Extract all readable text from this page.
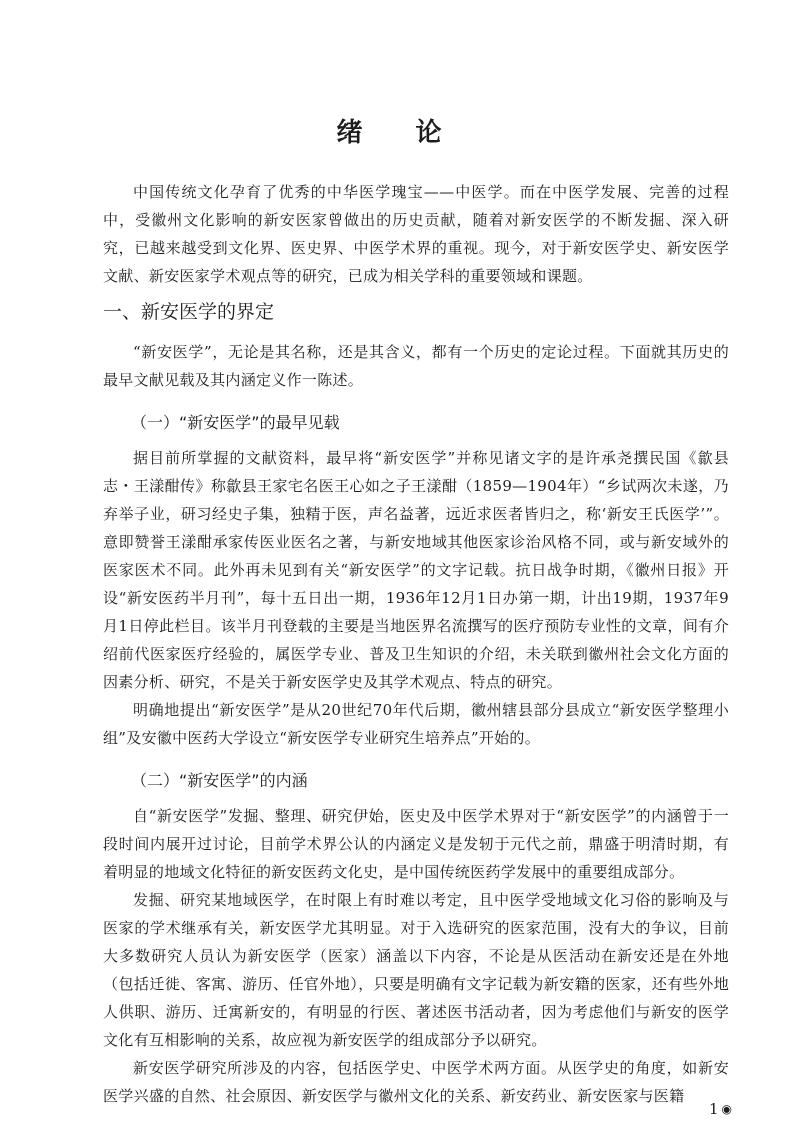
绪 论

中国传统文化孕育了优秀的中华医学瑰宝——中医学。而在中医学发展、完善的过程中，受徽州文化影响的新安医家曾做出的历史贡献，随着对新安医学的不断发掘、深入研究，已越来越受到文化界、医史界、中医学术界的重视。现今，对于新安医学史、新安医学文献、新安医家学术观点等的研究，已成为相关学科的重要领域和课题。

一、新安医学的界定

“新安医学”，无论是其名称，还是其含义，都有一个历史的定论过程。下面就其历史的最早文献见载及其内涵定义作一陈述。

（一）“新安医学”的最早见载

据目前所掌握的文献资料，最早将“新安医学”并称见诸文字的是许承尧撰民国《歙县志・王漾酣传》称歙县王家宅名医王心如之子王漾酣（1859—1904年）“乡试两次未遂，乃弃举子业，研习经史子集，独精于医，声名益著，远近求医者皆归之，称‘新安王氏医学’”。意即赞誉王漾酣承家传医业医名之著，与新安地域其他医家诊治风格不同，或与新安域外的医家医术不同。此外再未见到有关“新安医学”的文字记载。抗日战争时期，《徽州日报》开设“新安医药半月刊”，每十五日出一期，1936年12月1日办第一期，计出19期，1937年9月1日停此栏目。该半月刊登载的主要是当地医界名流撰写的医疗预防专业性的文章，间有介绍前代医家医疗经验的，属医学专业、普及卫生知识的介绍，未关联到徽州社会文化方面的因素分析、研究，不是关于新安医学史及其学术观点、特点的研究。

明确地提出“新安医学”是从20世纪70年代后期，徽州辖县部分县成立“新安医学整理小组”及安徽中医药大学设立“新安医学专业研究生培养点”开始的。

（二）“新安医学”的内涵

自“新安医学”发掘、整理、研究伊始，医史及中医学术界对于“新安医学”的内涵曾于一段时间内展开过讨论，目前学术界公认的内涵定义是发轫于元代之前，鼎盛于明清时期，有着明显的地域文化特征的新安医药文化史，是中国传统医药学发展中的重要组成部分。

发掘、研究某地域医学，在时限上有时难以考定，且中医学受地域文化习俗的影响及与医家的学术继承有关，新安医学尤其明显。对于入选研究的医家范围，没有大的争议，目前大多数研究人员认为新安医学（医家）涵盖以下内容，不论是从医活动在新安还是在外地（包括迁徙、客寓、游历、任官外地），只要是明确有文字记载为新安籍的医家，还有些外地人供职、游历、迁寓新安的，有明显的行医、著述医书活动者，因为考虑他们与新安的医学文化有互相影响的关系，故应视为新安医学的组成部分予以研究。

新安医学研究所涉及的内容，包括医学史、中医学术两方面。从医学史的角度，如新安医学兴盛的自然、社会原因、新安医学与徽州文化的关系、新安药业、新安医家与医籍

1 ◉
